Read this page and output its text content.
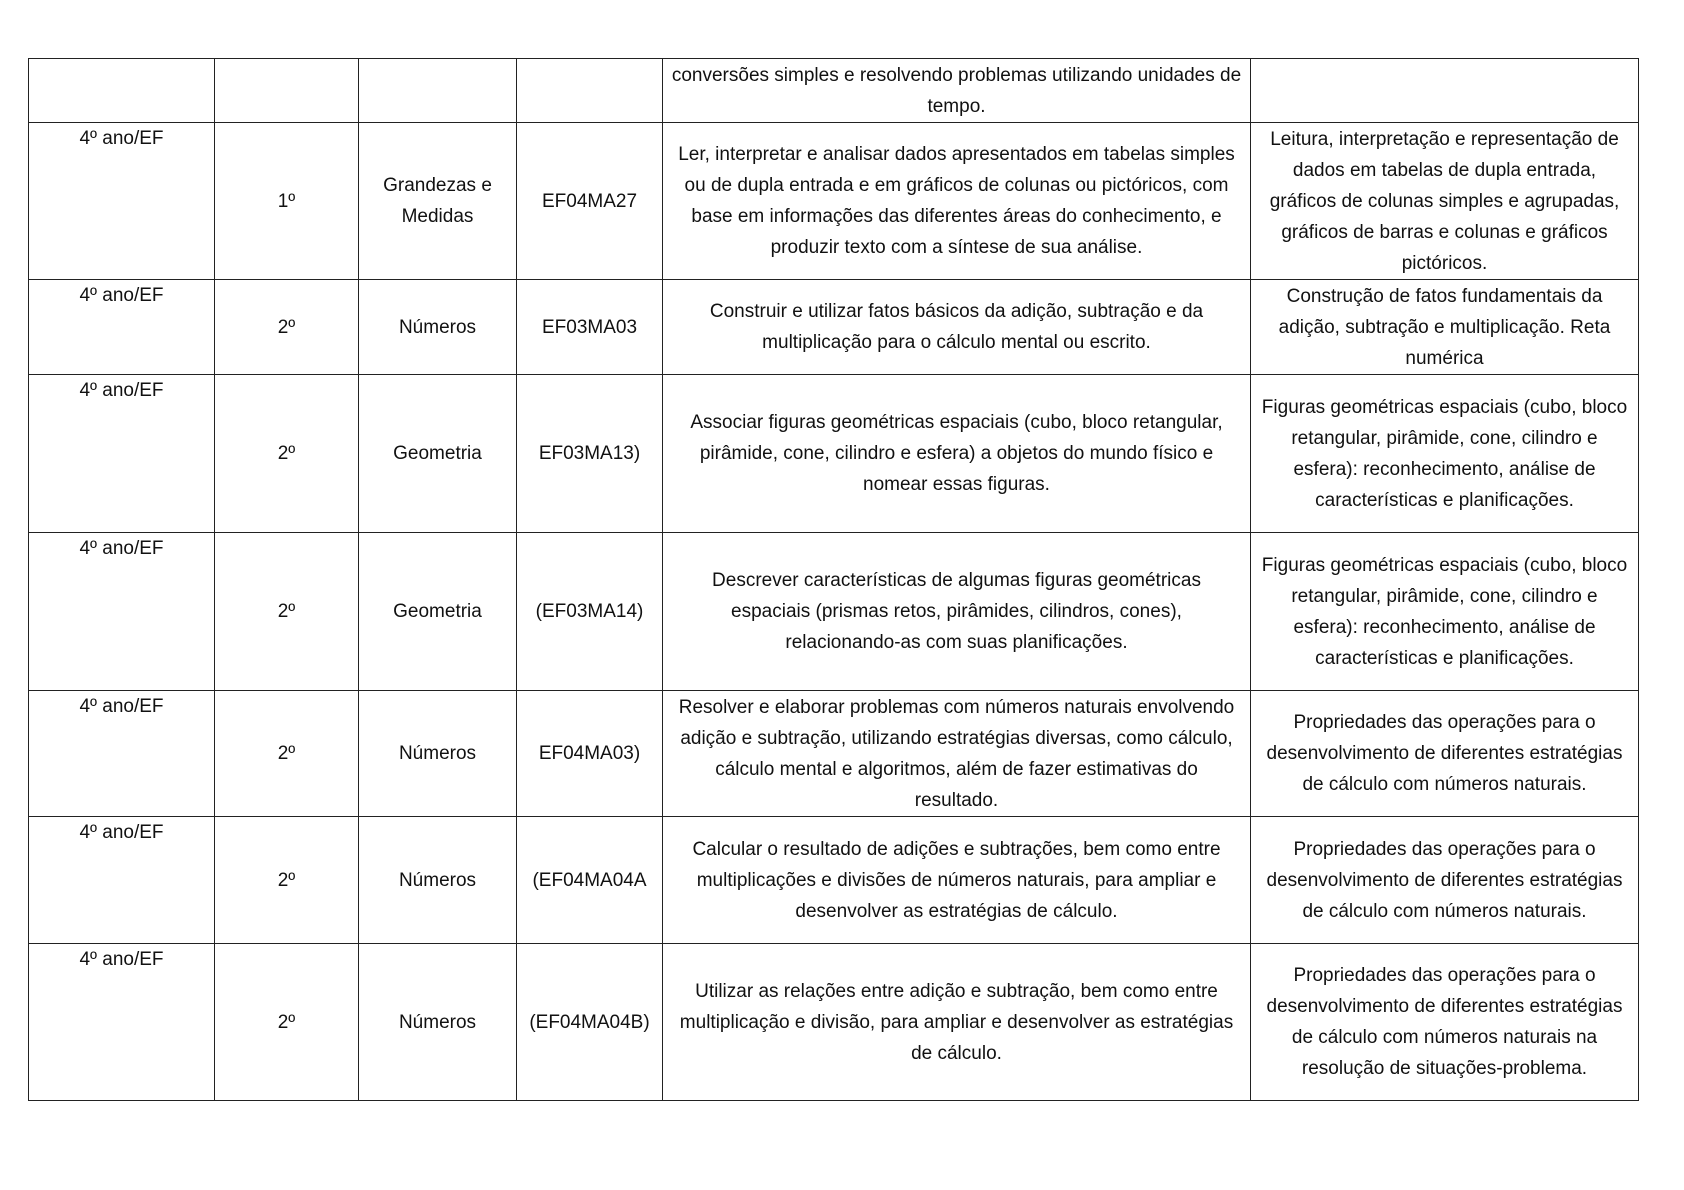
				conversões simples e resolvendo problemas utilizando unidades de tempo.	
4º ano/EF	1º	Grandezas e Medidas	EF04MA27	Ler, interpretar e analisar dados apresentados em tabelas simples ou de dupla entrada e em gráficos de colunas ou pictóricos, com base em informações das diferentes áreas do conhecimento, e produzir texto com a síntese de sua análise.	Leitura, interpretação e representação de dados em tabelas de dupla entrada, gráficos de colunas simples e agrupadas, gráficos de barras e colunas e gráficos pictóricos.
4º ano/EF	2º	Números	EF03MA03	Construir e utilizar fatos básicos da adição, subtração e da multiplicação para o cálculo mental ou escrito.	Construção de fatos fundamentais da adição, subtração e multiplicação. Reta numérica
4º ano/EF	2º	Geometria	EF03MA13)	Associar figuras geométricas espaciais (cubo, bloco retangular, pirâmide, cone, cilindro e esfera) a objetos do mundo físico e nomear essas figuras.	Figuras geométricas espaciais (cubo, bloco retangular, pirâmide, cone, cilindro e esfera): reconhecimento, análise de características e planificações.
4º ano/EF	2º	Geometria	(EF03MA14)	Descrever características de algumas figuras geométricas espaciais (prismas retos, pirâmides, cilindros, cones), relacionando-as com suas planificações.	Figuras geométricas espaciais (cubo, bloco retangular, pirâmide, cone, cilindro e esfera): reconhecimento, análise de características e planificações.
4º ano/EF	2º	Números	EF04MA03)	Resolver e elaborar problemas com números naturais envolvendo adição e subtração, utilizando estratégias diversas, como cálculo, cálculo mental e algoritmos, além de fazer estimativas do resultado.	Propriedades das operações para o desenvolvimento de diferentes estratégias de cálculo com números naturais.
4º ano/EF	2º	Números	(EF04MA04A	Calcular o resultado de adições e subtrações, bem como entre multiplicações e divisões de números naturais, para ampliar e desenvolver as estratégias de cálculo.	Propriedades das operações para o desenvolvimento de diferentes estratégias de cálculo com números naturais.
4º ano/EF	2º	Números	(EF04MA04B)	Utilizar as relações entre adição e subtração, bem como entre multiplicação e divisão, para ampliar e desenvolver as estratégias de cálculo.	Propriedades das operações para o desenvolvimento de diferentes estratégias de cálculo com números naturais na resolução de situações-problema.
